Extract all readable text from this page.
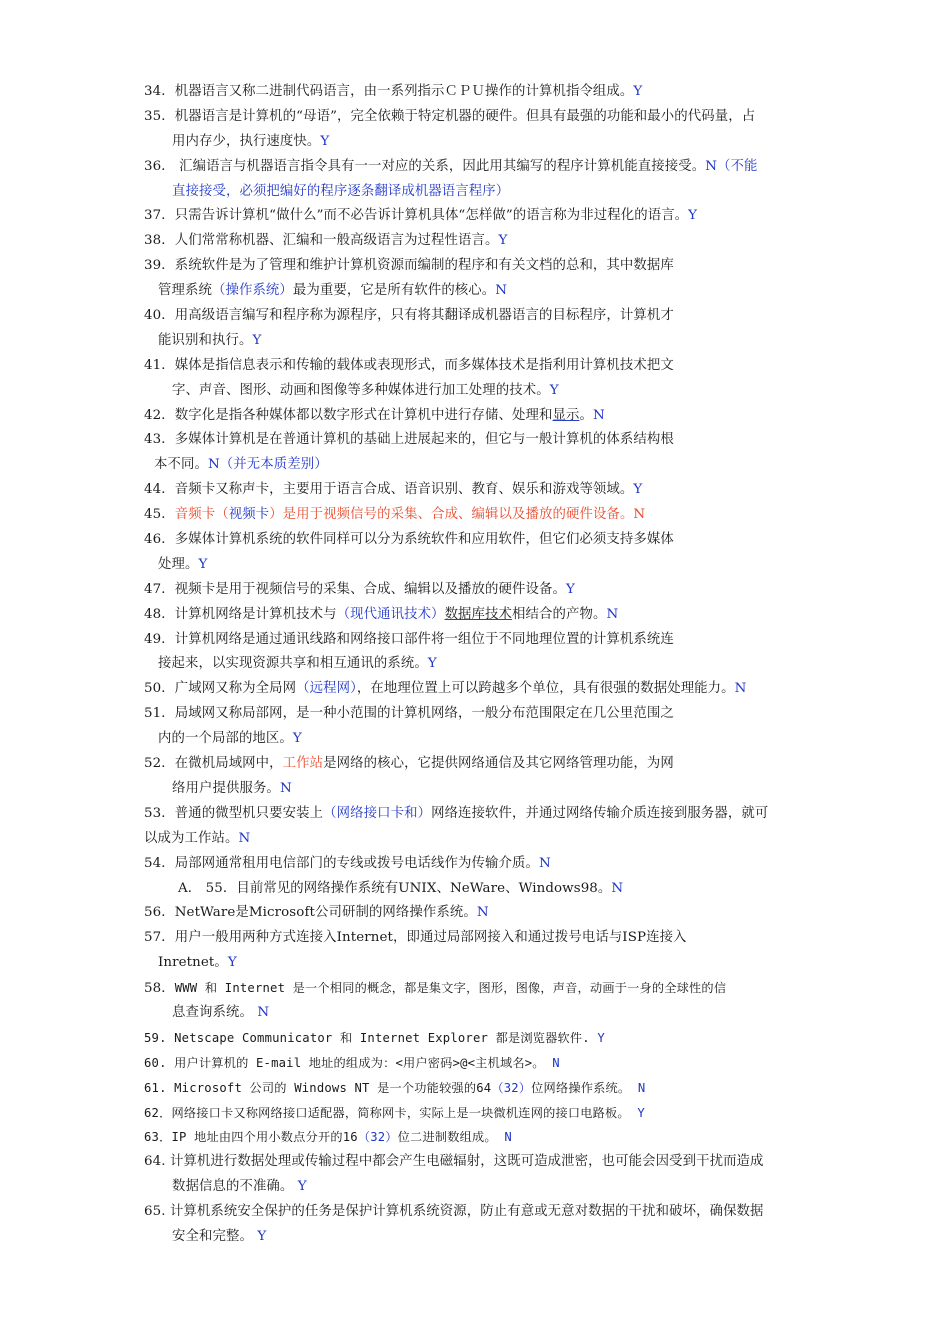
34．机器语言又称二进制代码语言，由一系列指示ＣＰＵ操作的计算机指令组成。Y
35．机器语言是计算机的“母语”，完全依赖于特定机器的硬件。但具有最强的功能和最小的代码量，占
用内存少，执行速度快。Y
36． 汇编语言与机器语言指令具有一一对应的关系，因此用其编写的程序计算机能直接接受。N（不能
直接接受，必须把编好的程序逐条翻译成机器语言程序）
37．只需告诉计算机“做什么”而不必告诉计算机具体“怎样做”的语言称为非过程化的语言。Y
38．人们常常称机器、汇编和一般高级语言为过程性语言。Y
39．系统软件是为了管理和维护计算机资源而编制的程序和有关文档的总和，其中数据库
管理系统（操作系统）最为重要，它是所有软件的核心。N
40．用高级语言编写和程序称为源程序，只有将其翻译成机器语言的目标程序，计算机才
能识别和执行。Y
41．媒体是指信息表示和传输的载体或表现形式，而多媒体技术是指利用计算机技术把文
字、声音、图形、动画和图像等多种媒体进行加工处理的技术。Y
42．数字化是指各种媒体都以数字形式在计算机中进行存储、处理和显示。N
43．多媒体计算机是在普通计算机的基础上进展起来的，但它与一般计算机的体系结构根
本不同。N（并无本质差别）
44．音频卡又称声卡，主要用于语言合成、语音识别、教育、娱乐和游戏等领域。Y
45．音频卡（视频卡）是用于视频信号的采集、合成、编辑以及播放的硬件设备。N
46．多媒体计算机系统的软件同样可以分为系统软件和应用软件，但它们必须支持多媒体
处理。Y
47．视频卡是用于视频信号的采集、合成、编辑以及播放的硬件设备。Y
48．计算机网络是计算机技术与（现代通讯技术）数据库技术相结合的产物。N
49．计算机网络是通过通讯线路和网络接口部件将一组位于不同地理位置的计算机系统连
接起来，以实现资源共享和相互通讯的系统。Y
50．广域网又称为全局网（远程网），在地理位置上可以跨越多个单位，具有很强的数据处理能力。N
51．局域网又称局部网，是一种小范围的计算机网络，一般分布范围限定在几公里范围之
内的一个局部的地区。Y
52．在微机局域网中，工作站是网络的核心，它提供网络通信及其它网络管理功能，为网
络用户提供服务。N
53．普通的微型机只要安装上（网络接口卡和）网络连接软件，并通过网络传输介质连接到服务器，就可
以成为工作站。N
54．局部网通常租用电信部门的专线或拨号电话线作为传输介质。N
A． 55．目前常见的网络操作系统有UNIX、NeWare、Windows98。N
56．NetWare是Microsoft公司研制的网络操作系统。N
57．用户一般用两种方式连接入Internet，即通过局部网接入和通过拨号电话与ISP连接入
Inretnet。Y
58．WWW 和 Internet 是一个相同的概念，都是集文字，图形，图像，声音，动画于一身的全球性的信
息查询系统。 N
59. Netscape Communicator 和 Internet Explorer 都是浏览器软件. Y
60. 用户计算机的 E-mail 地址的组成为：<用户密码>@<主机域名>。 N
61. Microsoft 公司的 Windows NT 是一个功能较强的64（32）位网络操作系统。 N
62．网络接口卡又称网络接口适配器，简称网卡，实际上是一块微机连网的接口电路板。 Y
63．IP 地址由四个用小数点分开的16（32）位二进制数组成。 N
64. 计算机进行数据处理或传输过程中都会产生电磁辐射，这既可造成泄密，也可能会因受到干扰而造成
数据信息的不准确。 Y
65. 计算机系统安全保护的任务是保护计算机系统资源，防止有意或无意对数据的干扰和破坏，确保数据
安全和完整。 Y
